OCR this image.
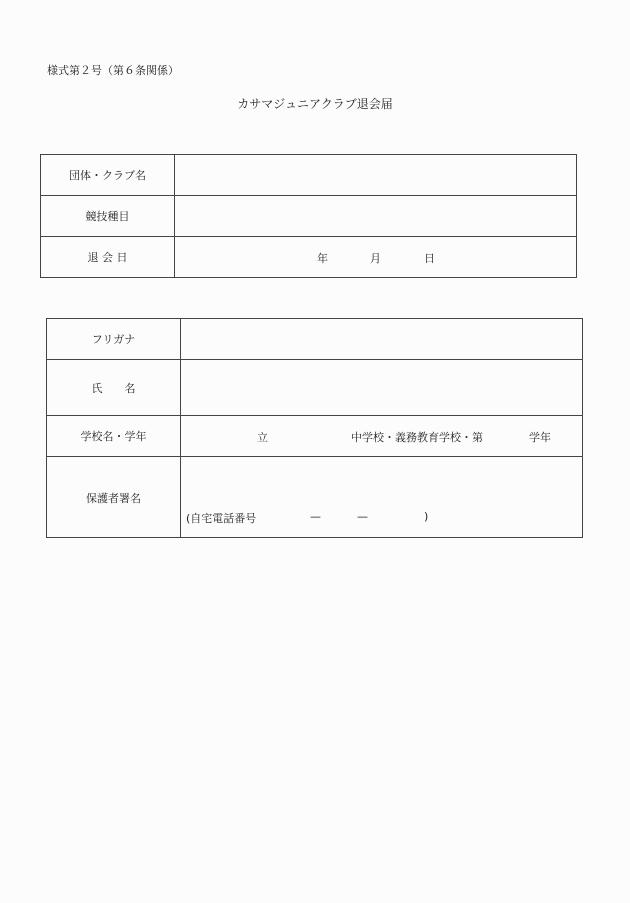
様式第２号（第６条関係）
カサマジュニアクラブ退会届
団体・クラブ名	
競技種目	
退 会 日	年 月 日
フリガナ	
氏　　名	
学校名・学年	立 中学校・義務教育学校・第 学年

保護者署名	(自宅電話番号 — — )
